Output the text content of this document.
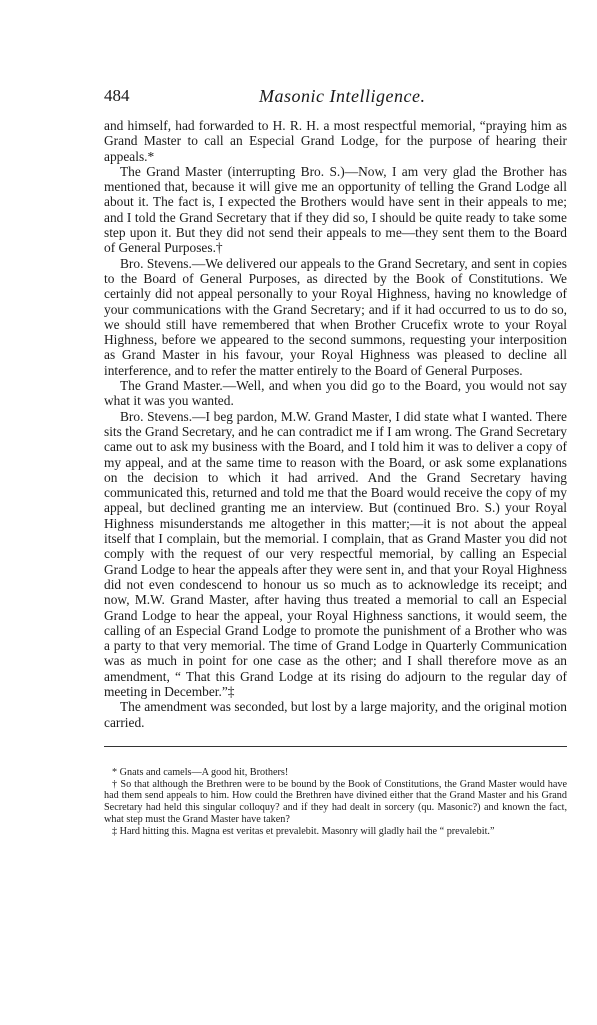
484	Masonic Intelligence.

and himself, had forwarded to H. R. H. a most respectful memorial, “praying him as Grand Master to call an Especial Grand Lodge, for the purpose of hearing their appeals.*

The Grand Master (interrupting Bro. S.)—Now, I am very glad the Brother has mentioned that, because it will give me an opportunity of telling the Grand Lodge all about it. The fact is, I expected the Brothers would have sent in their appeals to me; and I told the Grand Secretary that if they did so, I should be quite ready to take some step upon it. But they did not send their appeals to me—they sent them to the Board of General Purposes.†

Bro. Stevens.—We delivered our appeals to the Grand Secretary, and sent in copies to the Board of General Purposes, as directed by the Book of Constitutions. We certainly did not appeal personally to your Royal Highness, having no knowledge of your communications with the Grand Secretary; and if it had occurred to us to do so, we should still have remembered that when Brother Crucefix wrote to your Royal Highness, before we appeared to the second summons, requesting your interposition as Grand Master in his favour, your Royal Highness was pleased to decline all interference, and to refer the matter entirely to the Board of General Purposes.

The Grand Master.—Well, and when you did go to the Board, you would not say what it was you wanted.

Bro. Stevens.—I beg pardon, M.W. Grand Master, I did state what I wanted. There sits the Grand Secretary, and he can contradict me if I am wrong. The Grand Secretary came out to ask my business with the Board, and I told him it was to deliver a copy of my appeal, and at the same time to reason with the Board, or ask some explanations on the decision to which it had arrived. And the Grand Secretary having communicated this, returned and told me that the Board would receive the copy of my appeal, but declined granting me an interview. But (continued Bro. S.) your Royal Highness misunderstands me altogether in this matter;—it is not about the appeal itself that I complain, but the memorial. I complain, that as Grand Master you did not comply with the request of our very respectful memorial, by calling an Especial Grand Lodge to hear the appeals after they were sent in, and that your Royal Highness did not even condescend to honour us so much as to acknowledge its receipt; and now, M.W. Grand Master, after having thus treated a memorial to call an Especial Grand Lodge to hear the appeal, your Royal Highness sanctions, it would seem, the calling of an Especial Grand Lodge to promote the punishment of a Brother who was a party to that very memorial. The time of Grand Lodge in Quarterly Communication was as much in point for one case as the other; and I shall therefore move as an amendment, “ That this Grand Lodge at its rising do adjourn to the regular day of meeting in December.”‡

The amendment was seconded, but lost by a large majority, and the original motion carried.

* Gnats and camels—A good hit, Brothers!

† So that although the Brethren were to be bound by the Book of Constitutions, the Grand Master would have had them send appeals to him. How could the Brethren have divined either that the Grand Master and his Grand Secretary had held this singular colloquy? and if they had dealt in sorcery (qu. Masonic?) and known the fact, what step must the Grand Master have taken?

‡ Hard hitting this. Magna est veritas et prevalebit. Masonry will gladly hail the “ prevalebit.”
